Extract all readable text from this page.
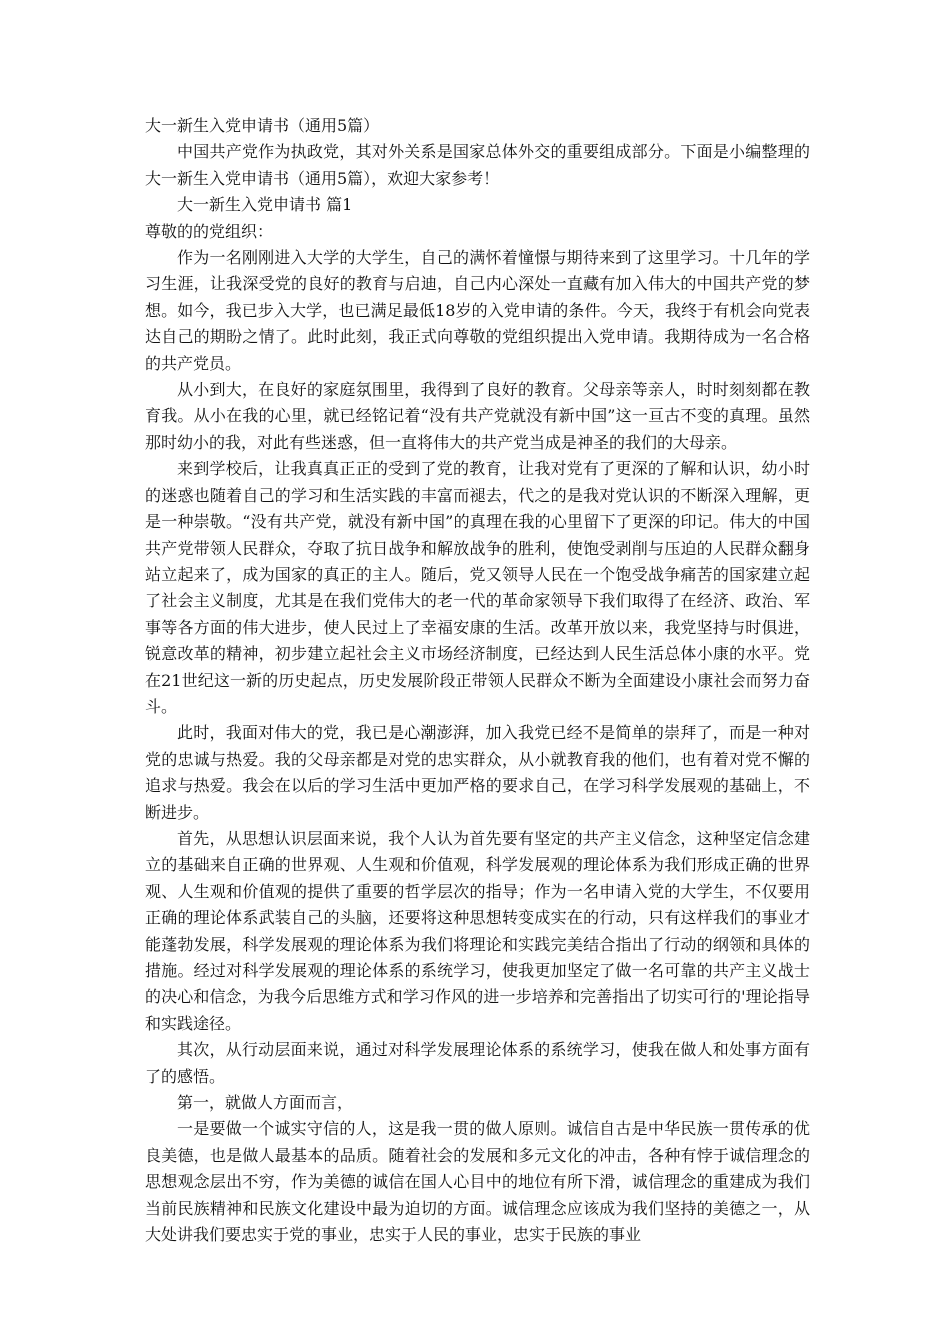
大一新生入党申请书（通用5篇）

中国共产党作为执政党，其对外关系是国家总体外交的重要组成部分。下面是小编整理的大一新生入党申请书（通用5篇），欢迎大家参考！

大一新生入党申请书 篇1

尊敬的的党组织：

作为一名刚刚进入大学的大学生，自己的满怀着憧憬与期待来到了这里学习。十几年的学习生涯，让我深受党的良好的教育与启迪，自己内心深处一直藏有加入伟大的中国共产党的梦想。如今，我已步入大学，也已满足最低18岁的入党申请的条件。今天，我终于有机会向党表达自己的期盼之情了。此时此刻，我正式向尊敬的党组织提出入党申请。我期待成为一名合格的共产党员。

从小到大，在良好的家庭氛围里，我得到了良好的教育。父母亲等亲人，时时刻刻都在教育我。从小在我的心里，就已经铭记着“没有共产党就没有新中国”这一亘古不变的真理。虽然那时幼小的我，对此有些迷惑，但一直将伟大的共产党当成是神圣的我们的大母亲。

来到学校后，让我真真正正的受到了党的教育，让我对党有了更深的了解和认识，幼小时的迷惑也随着自己的学习和生活实践的丰富而褪去，代之的是我对党认识的不断深入理解，更是一种崇敬。“没有共产党，就没有新中国”的真理在我的心里留下了更深的印记。伟大的中国共产党带领人民群众，夺取了抗日战争和解放战争的胜利，使饱受剥削与压迫的人民群众翻身站立起来了，成为国家的真正的主人。随后，党又领导人民在一个饱受战争痛苦的国家建立起了社会主义制度，尤其是在我们党伟大的老一代的革命家领导下我们取得了在经济、政治、军事等各方面的伟大进步，使人民过上了幸福安康的生活。改革开放以来，我党坚持与时俱进，锐意改革的精神，初步建立起社会主义市场经济制度，已经达到人民生活总体小康的水平。党在21世纪这一新的历史起点，历史发展阶段正带领人民群众不断为全面建设小康社会而努力奋斗。

此时，我面对伟大的党，我已是心潮澎湃，加入我党已经不是简单的崇拜了，而是一种对党的忠诚与热爱。我的父母亲都是对党的忠实群众，从小就教育我的他们，也有着对党不懈的追求与热爱。我会在以后的学习生活中更加严格的要求自己，在学习科学发展观的基础上，不断进步。

首先，从思想认识层面来说，我个人认为首先要有坚定的共产主义信念，这种坚定信念建立的基础来自正确的世界观、人生观和价值观，科学发展观的理论体系为我们形成正确的世界观、人生观和价值观的提供了重要的哲学层次的指导；作为一名申请入党的大学生，不仅要用正确的理论体系武装自己的头脑，还要将这种思想转变成实在的行动，只有这样我们的事业才能蓬勃发展，科学发展观的理论体系为我们将理论和实践完美结合指出了行动的纲领和具体的措施。经过对科学发展观的理论体系的系统学习，使我更加坚定了做一名可靠的共产主义战士的决心和信念，为我今后思维方式和学习作风的进一步培养和完善指出了切实可行的'理论指导和实践途径。

其次，从行动层面来说，通过对科学发展理论体系的系统学习，使我在做人和处事方面有了的感悟。

第一，就做人方面而言，

一是要做一个诚实守信的人，这是我一贯的做人原则。诚信自古是中华民族一贯传承的优良美德，也是做人最基本的品质。随着社会的发展和多元文化的冲击，各种有悖于诚信理念的思想观念层出不穷，作为美德的诚信在国人心目中的地位有所下滑，诚信理念的重建成为我们当前民族精神和民族文化建设中最为迫切的方面。诚信理念应该成为我们坚持的美德之一，从大处讲我们要忠实于党的事业，忠实于人民的事业，忠实于民族的事业
